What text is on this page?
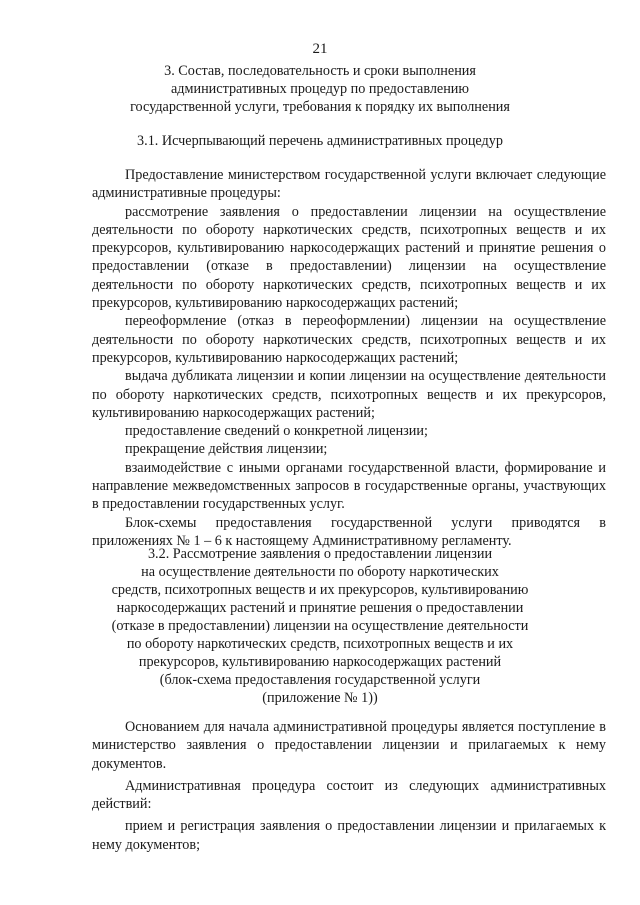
21
3. Состав, последовательность и сроки выполнения
административных процедур по предоставлению
государственной услуги, требования к порядку их выполнения
3.1. Исчерпывающий перечень административных процедур

Предоставление министерством государственной услуги включает следующие административные процедуры:

рассмотрение заявления о предоставлении лицензии на осуществление деятельности по обороту наркотических средств, психотропных веществ и их прекурсоров, культивированию наркосодержащих растений и принятие решения о предоставлении (отказе в предоставлении) лицензии на осуществление деятельности по обороту наркотических средств, психотропных веществ и их прекурсоров, культивированию наркосодержащих растений;

переоформление (отказ в переоформлении) лицензии на осуществление деятельности по обороту наркотических средств, психотропных веществ и их прекурсоров, культивированию наркосодержащих растений;

выдача дубликата лицензии и копии лицензии на осуществление деятельности по обороту наркотических средств, психотропных веществ и их прекурсоров, культивированию наркосодержащих растений;

предоставление сведений о конкретной лицензии;

прекращение действия лицензии;

взаимодействие с иными органами государственной власти, формирование и направление межведомственных запросов в государственные органы, участвующих в предоставлении государственных услуг.

Блок-схемы предоставления государственной услуги приводятся в приложениях № 1 – 6 к настоящему Административному регламенту.

3.2. Рассмотрение заявления о предоставлении лицензии
на осуществление деятельности по обороту наркотических
средств, психотропных веществ и их прекурсоров, культивированию
наркосодержащих растений и принятие решения о предоставлении
(отказе в предоставлении) лицензии на осуществление деятельности
по обороту наркотических средств, психотропных веществ и их
прекурсоров, культивированию наркосодержащих растений
(блок-схема предоставления государственной услуги
(приложение № 1))

Основанием для начала административной процедуры является поступление в министерство заявления о предоставлении лицензии и прилагаемых к нему документов.

Административная процедура состоит из следующих административных действий:

прием и регистрация заявления о предоставлении лицензии и прилагаемых к нему документов;
